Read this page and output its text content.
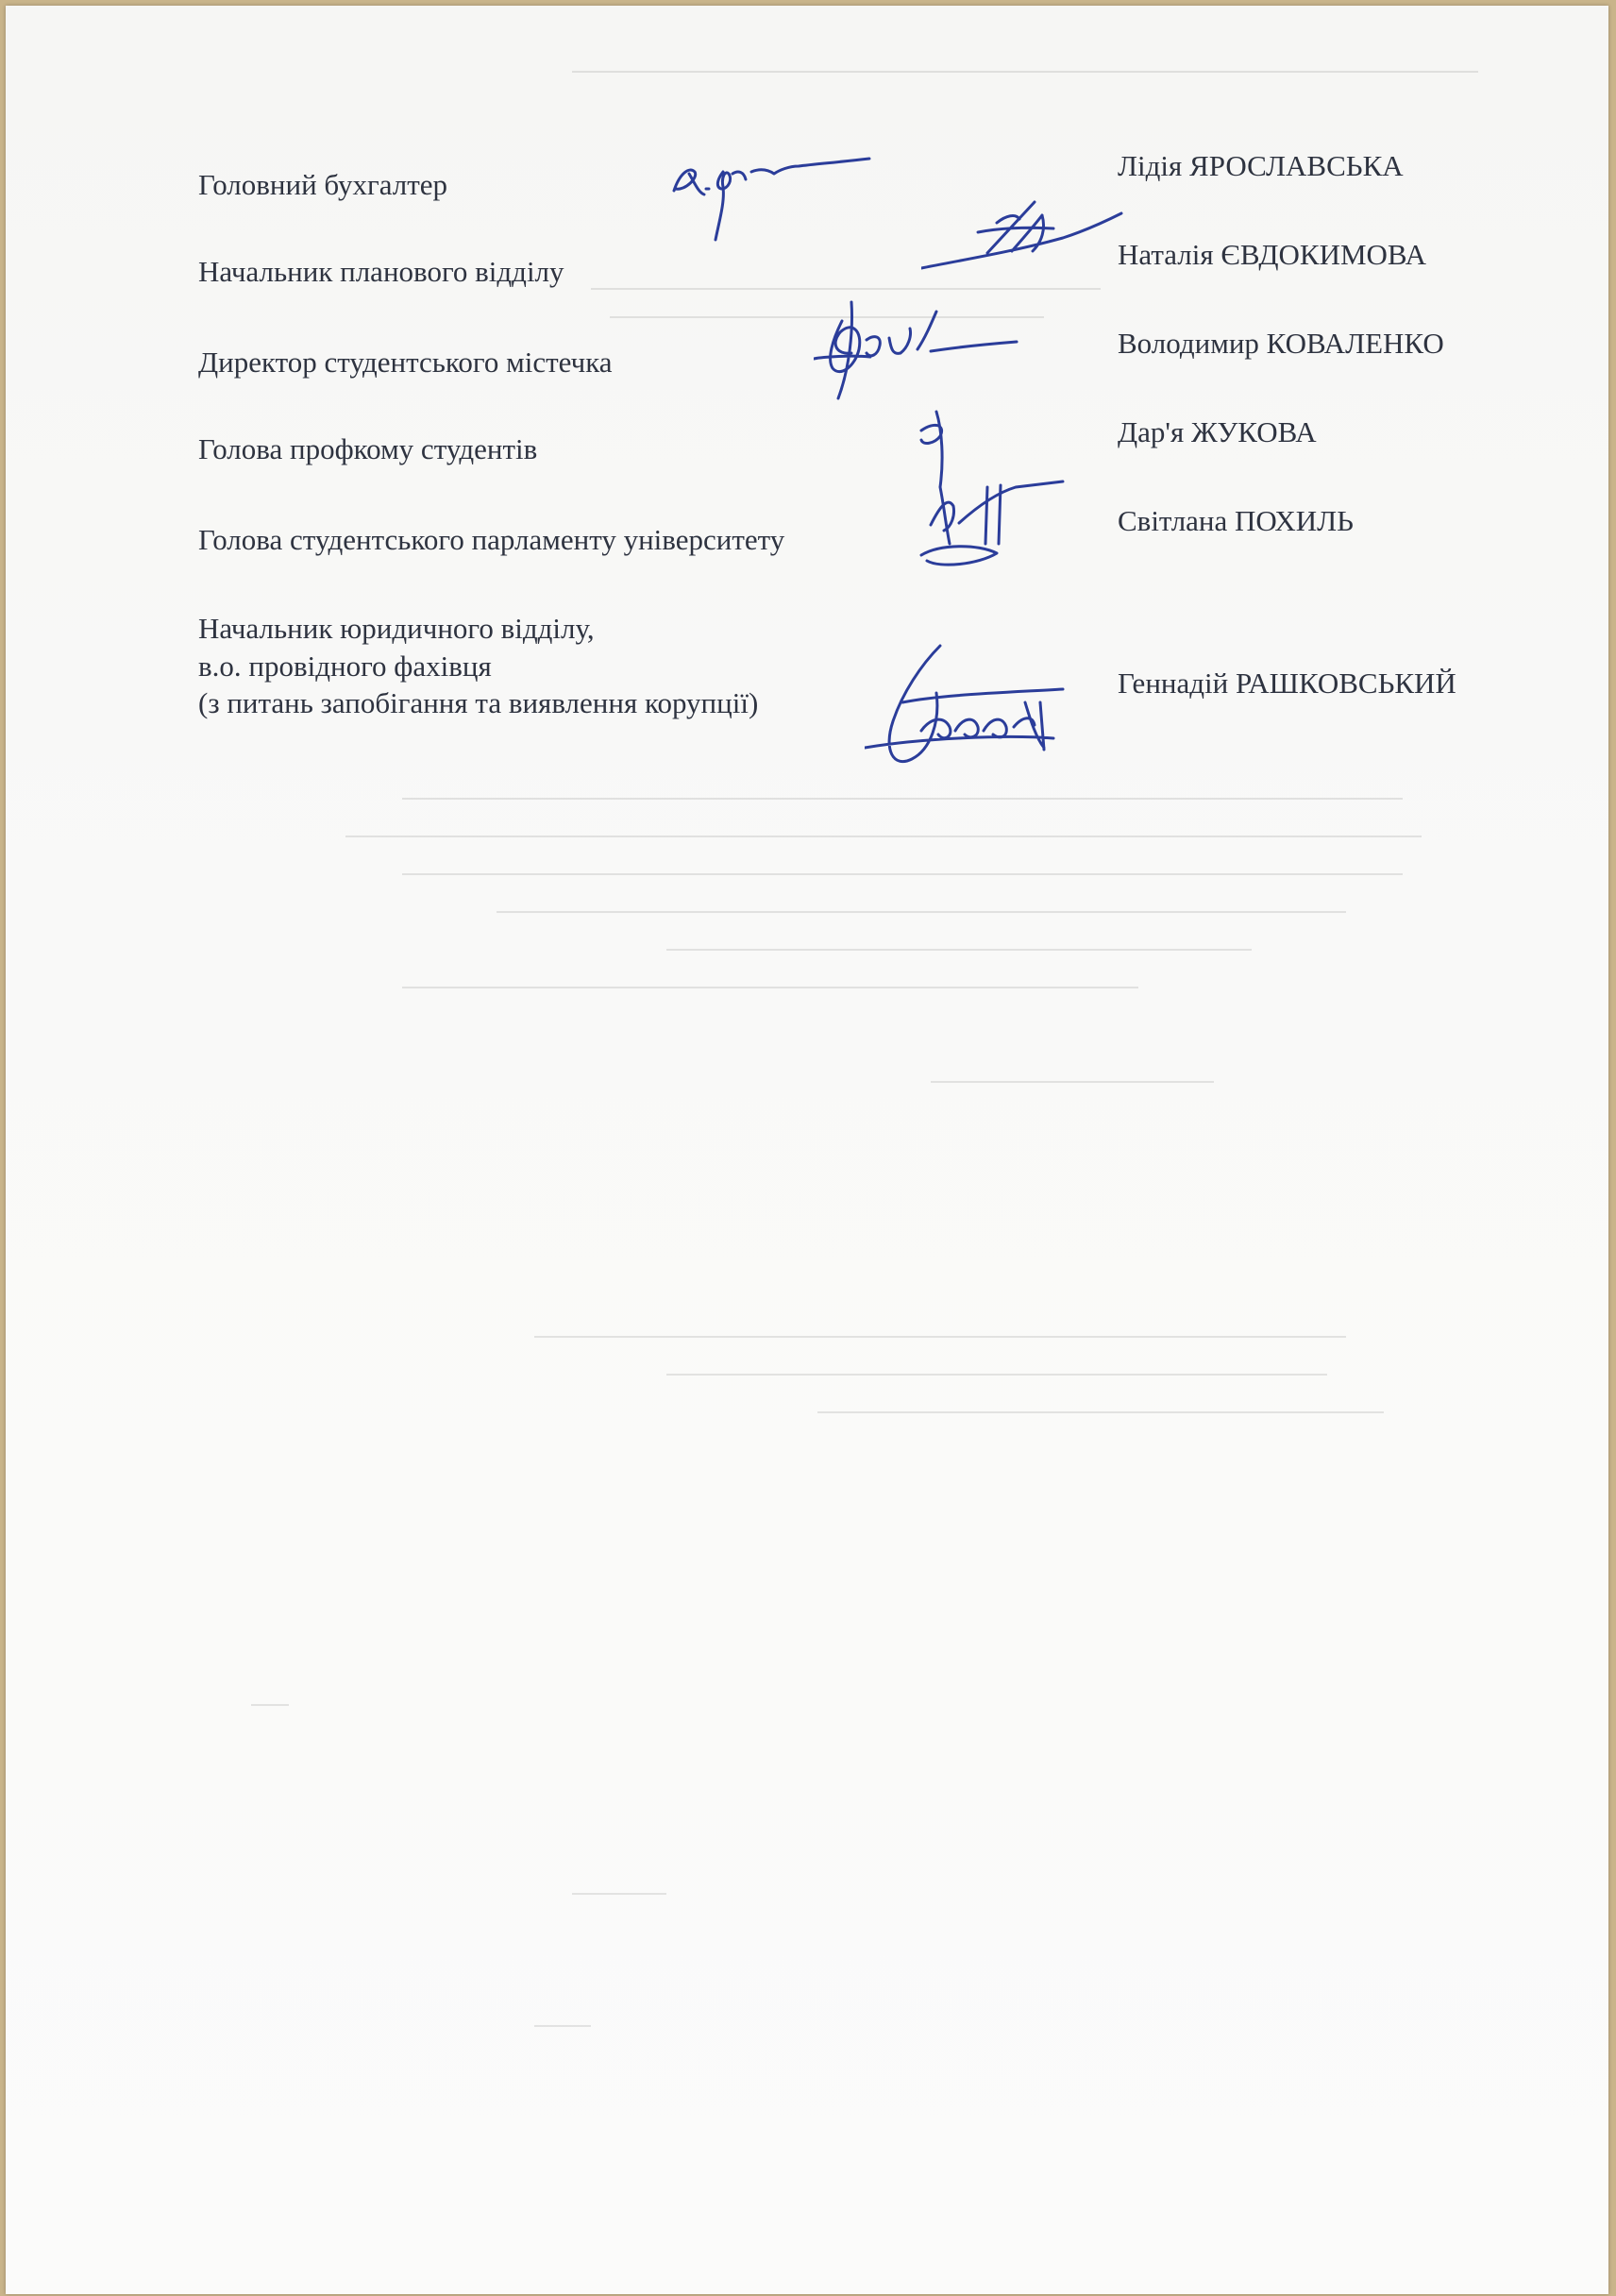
Головний бухгалтер
Лідія ЯРОСЛАВСЬКА
Начальник планового відділу
Наталія ЄВДОКИМОВА
Директор студентського містечка
Володимир КОВАЛЕНКО
Голова профкому студентів
Дар'я ЖУКОВА
Голова студентського парламенту університету
Світлана ПОХИЛЬ
Начальник юридичного відділу,
в.о. провідного фахівця
(з питань запобігання та виявлення корупції)
Геннадій РАШКОВСЬКИЙ
